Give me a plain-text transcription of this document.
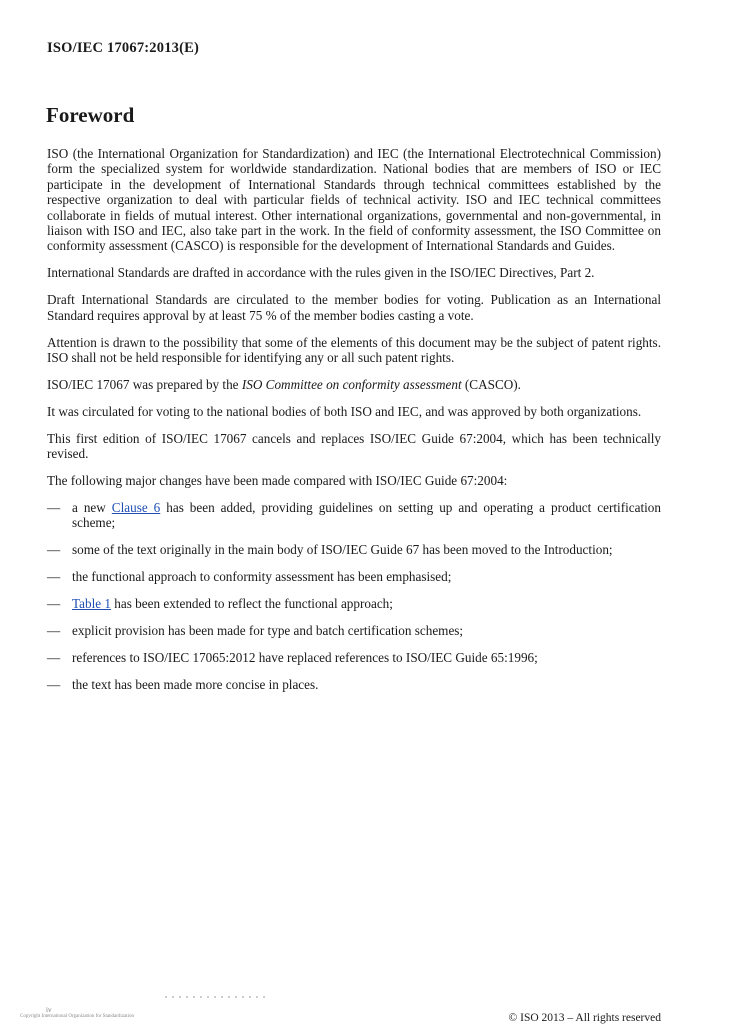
ISO/IEC 17067:2013(E)
Foreword

ISO (the International Organization for Standardization) and IEC (the International Electrotechnical Commission) form the specialized system for worldwide standardization. National bodies that are members of ISO or IEC participate in the development of International Standards through technical committees established by the respective organization to deal with particular fields of technical activity. ISO and IEC technical committees collaborate in fields of mutual interest. Other international organizations, governmental and non-governmental, in liaison with ISO and IEC, also take part in the work. In the field of conformity assessment, the ISO Committee on conformity assessment (CASCO) is responsible for the development of International Standards and Guides.

International Standards are drafted in accordance with the rules given in the ISO/IEC Directives, Part 2.

Draft International Standards are circulated to the member bodies for voting. Publication as an International Standard requires approval by at least 75 % of the member bodies casting a vote.

Attention is drawn to the possibility that some of the elements of this document may be the subject of patent rights. ISO shall not be held responsible for identifying any or all such patent rights.

ISO/IEC 17067 was prepared by the ISO Committee on conformity assessment (CASCO).

It was circulated for voting to the national bodies of both ISO and IEC, and was approved by both organizations.

This first edition of ISO/IEC 17067 cancels and replaces ISO/IEC Guide 67:2004, which has been technically revised.

The following major changes have been made compared with ISO/IEC Guide 67:2004:

— a new Clause 6 has been added, providing guidelines on setting up and operating a product certification scheme;
— some of the text originally in the main body of ISO/IEC Guide 67 has been moved to the Introduction;
— the functional approach to conformity assessment has been emphasised;
— Table 1 has been extended to reflect the functional approach;
— explicit provision has been made for type and batch certification schemes;
— references to ISO/IEC 17065:2012 have replaced references to ISO/IEC Guide 65:1996;
— the text has been made more concise in places.
iv
Copyright International Organization for Standardization	© ISO 2013 – All rights reserved
